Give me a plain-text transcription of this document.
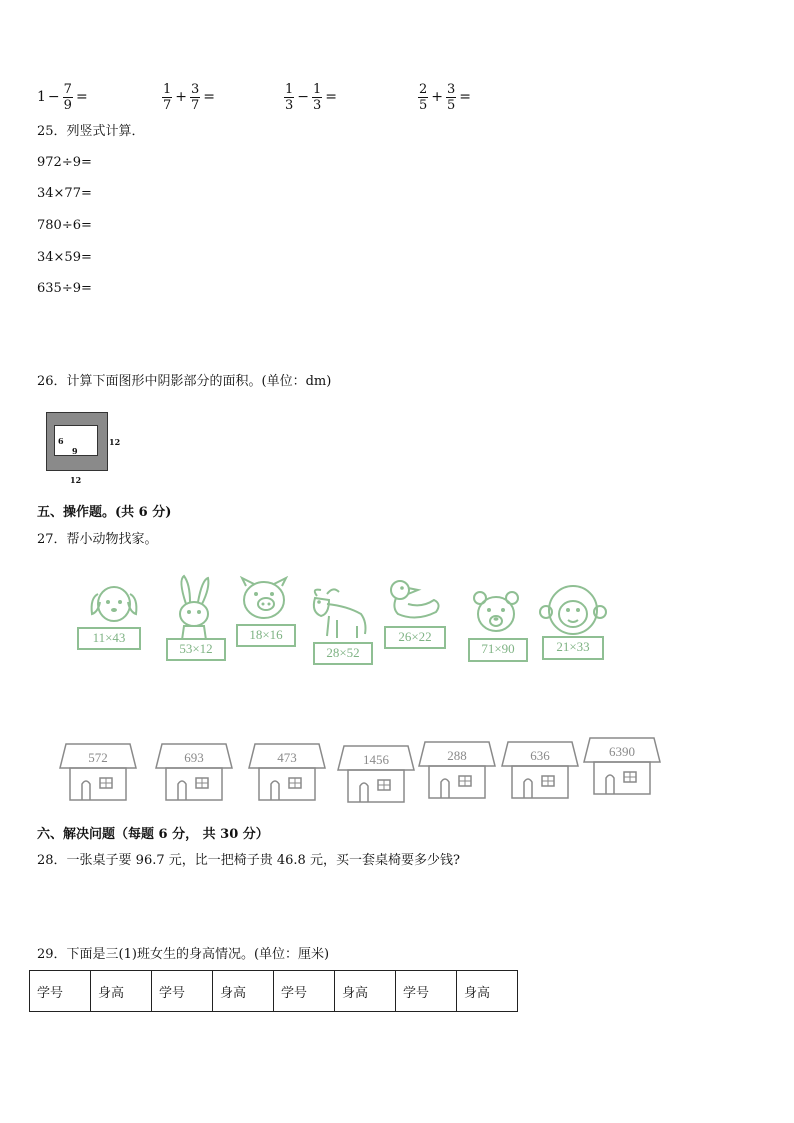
$1 - \frac{7}{9}$ =	$\frac{1}{7} + \frac{3}{7}$ =	$\frac{1}{3} - \frac{1}{3}$ =	$\frac{2}{5} + \frac{3}{5}$ =
25．列竖式计算．
972÷9=
34×77=
780÷6=
34×59=
635÷9=
26．计算下面图形中阴影部分的面积。(单位：dm)
6
9
12
12
五、操作题。(共 6 分)
27．帮小动物找家。
11×43
53×12
18×16
28×52
26×22
71×90	21×33
572	693	473	1456	288	636	6390
六、解决问题（每题 6 分， 共 30 分）
28．一张桌子要 96.7 元，比一把椅子贵 46.8 元，买一套桌椅要多少钱?
29．下面是三(1)班女生的身高情况。(单位：厘米)
学号	身高	学号	身高	学号	身高	学号	身高
